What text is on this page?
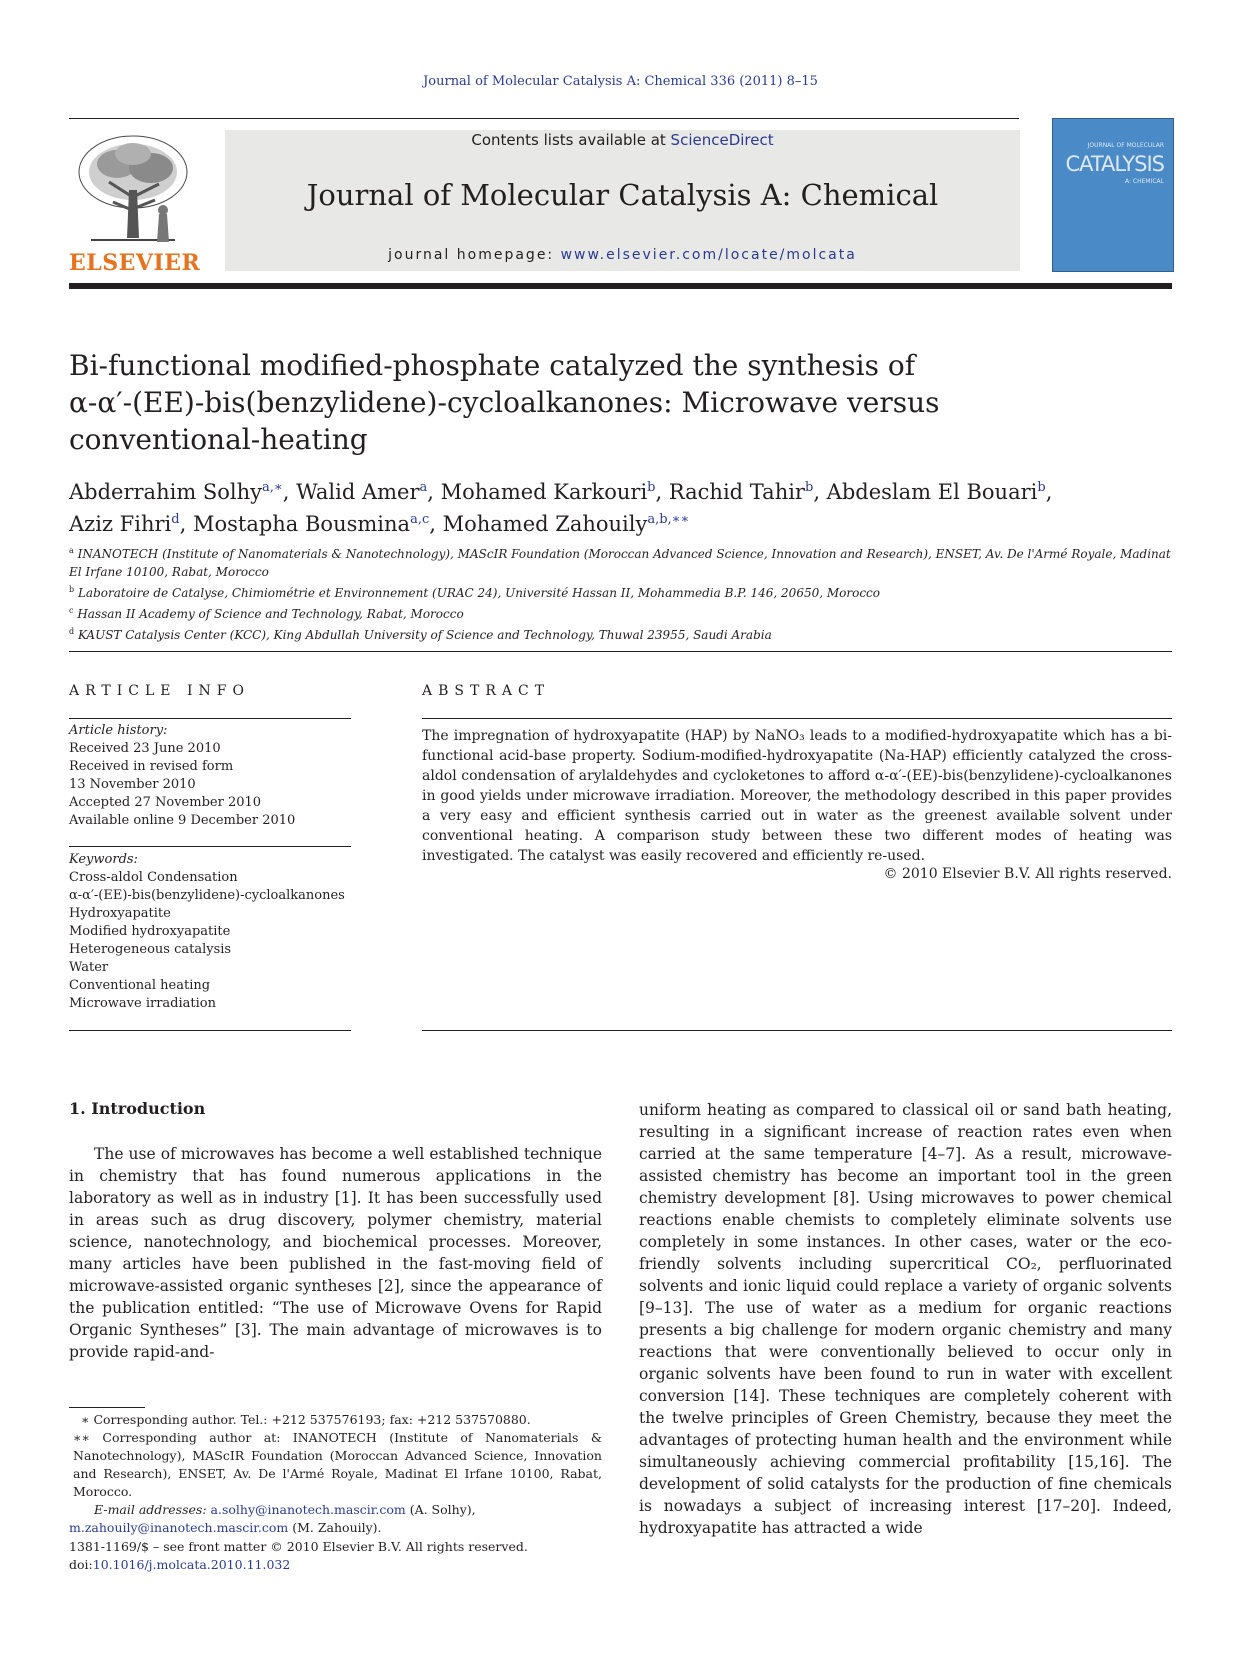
Journal of Molecular Catalysis A: Chemical 336 (2011) 8–15
ELSEVIER
Contents lists available at ScienceDirect
Journal of Molecular Catalysis A: Chemical
journal homepage: www.elsevier.com/locate/molcata
JOURNAL OF MOLECULAR
CATALYSIS
A: CHEMICAL
Bi-functional modified-phosphate catalyzed the synthesis of
α-α′-(EE)-bis(benzylidene)-cycloalkanones: Microwave versus
conventional-heating
Abderrahim Solhy$^{a,∗}$, Walid Amer$^a$, Mohamed Karkouri$^b$, Rachid Tahir$^b$, Abdeslam El Bouari$^b$,
Aziz Fihri$^d$, Mostapha Bousmina$^{a,c}$, Mohamed Zahouily$^{a,b,∗∗}$
$^a$ INANOTECH (Institute of Nanomaterials & Nanotechnology), MAScIR Foundation (Moroccan Advanced Science, Innovation and Research), ENSET, Av. De l'Armé Royale, Madinat El Irfane 10100, Rabat, Morocco
$^b$ Laboratoire de Catalyse, Chimiométrie et Environnement (URAC 24), Université Hassan II, Mohammedia B.P. 146, 20650, Morocco
$^c$ Hassan II Academy of Science and Technology, Rabat, Morocco
$^d$ KAUST Catalysis Center (KCC), King Abdullah University of Science and Technology, Thuwal 23955, Saudi Arabia
ARTICLE INFO
Article history:
Received 23 June 2010
Received in revised form
13 November 2010
Accepted 27 November 2010
Available online 9 December 2010
Keywords:
Cross-aldol Condensation
α-α′-(EE)-bis(benzylidene)-cycloalkanones
Hydroxyapatite
Modified hydroxyapatite
Heterogeneous catalysis
Water
Conventional heating
Microwave irradiation
ABSTRACT
The impregnation of hydroxyapatite (HAP) by NaNO₃ leads to a modified-hydroxyapatite which has a bi-functional acid-base property. Sodium-modified-hydroxyapatite (Na-HAP) efficiently catalyzed the cross-aldol condensation of arylaldehydes and cycloketones to afford α-α′-(EE)-bis(benzylidene)-cycloalkanones in good yields under microwave irradiation. Moreover, the methodology described in this paper provides a very easy and efficient synthesis carried out in water as the greenest available solvent under conventional heating. A comparison study between these two different modes of heating was investigated. The catalyst was easily recovered and efficiently re-used.
© 2010 Elsevier B.V. All rights reserved.
1. Introduction

The use of microwaves has become a well established technique in chemistry that has found numerous applications in the laboratory as well as in industry [1]. It has been successfully used in areas such as drug discovery, polymer chemistry, material science, nanotechnology, and biochemical processes. Moreover, many articles have been published in the fast-moving field of microwave-assisted organic syntheses [2], since the appearance of the publication entitled: “The use of Microwave Ovens for Rapid Organic Syntheses” [3]. The main advantage of microwaves is to provide rapid-and-

uniform heating as compared to classical oil or sand bath heating, resulting in a significant increase of reaction rates even when carried at the same temperature [4–7]. As a result, microwave-assisted chemistry has become an important tool in the green chemistry development [8]. Using microwaves to power chemical reactions enable chemists to completely eliminate solvents use completely in some instances. In other cases, water or the eco-friendly solvents including supercritical CO₂, perfluorinated solvents and ionic liquid could replace a variety of organic solvents [9–13]. The use of water as a medium for organic reactions presents a big challenge for modern organic chemistry and many reactions that were conventionally believed to occur only in organic solvents have been found to run in water with excellent conversion [14]. These techniques are completely coherent with the twelve principles of Green Chemistry, because they meet the advantages of protecting human health and the environment while simultaneously achieving commercial profitability [15,16]. The development of solid catalysts for the production of fine chemicals is nowadays a subject of increasing interest [17–20]. Indeed, hydroxyapatite has attracted a wide

∗ Corresponding author. Tel.: +212 537576193; fax: +212 537570880.

∗∗ Corresponding author at: INANOTECH (Institute of Nanomaterials & Nanotechnology), MAScIR Foundation (Moroccan Advanced Science, Innovation and Research), ENSET, Av. De l'Armé Royale, Madinat El Irfane 10100, Rabat, Morocco.

E-mail addresses: a.solhy@inanotech.mascir.com (A. Solhy),

m.zahouily@inanotech.mascir.com (M. Zahouily).

1381-1169/$ – see front matter © 2010 Elsevier B.V. All rights reserved.
doi:10.1016/j.molcata.2010.11.032
